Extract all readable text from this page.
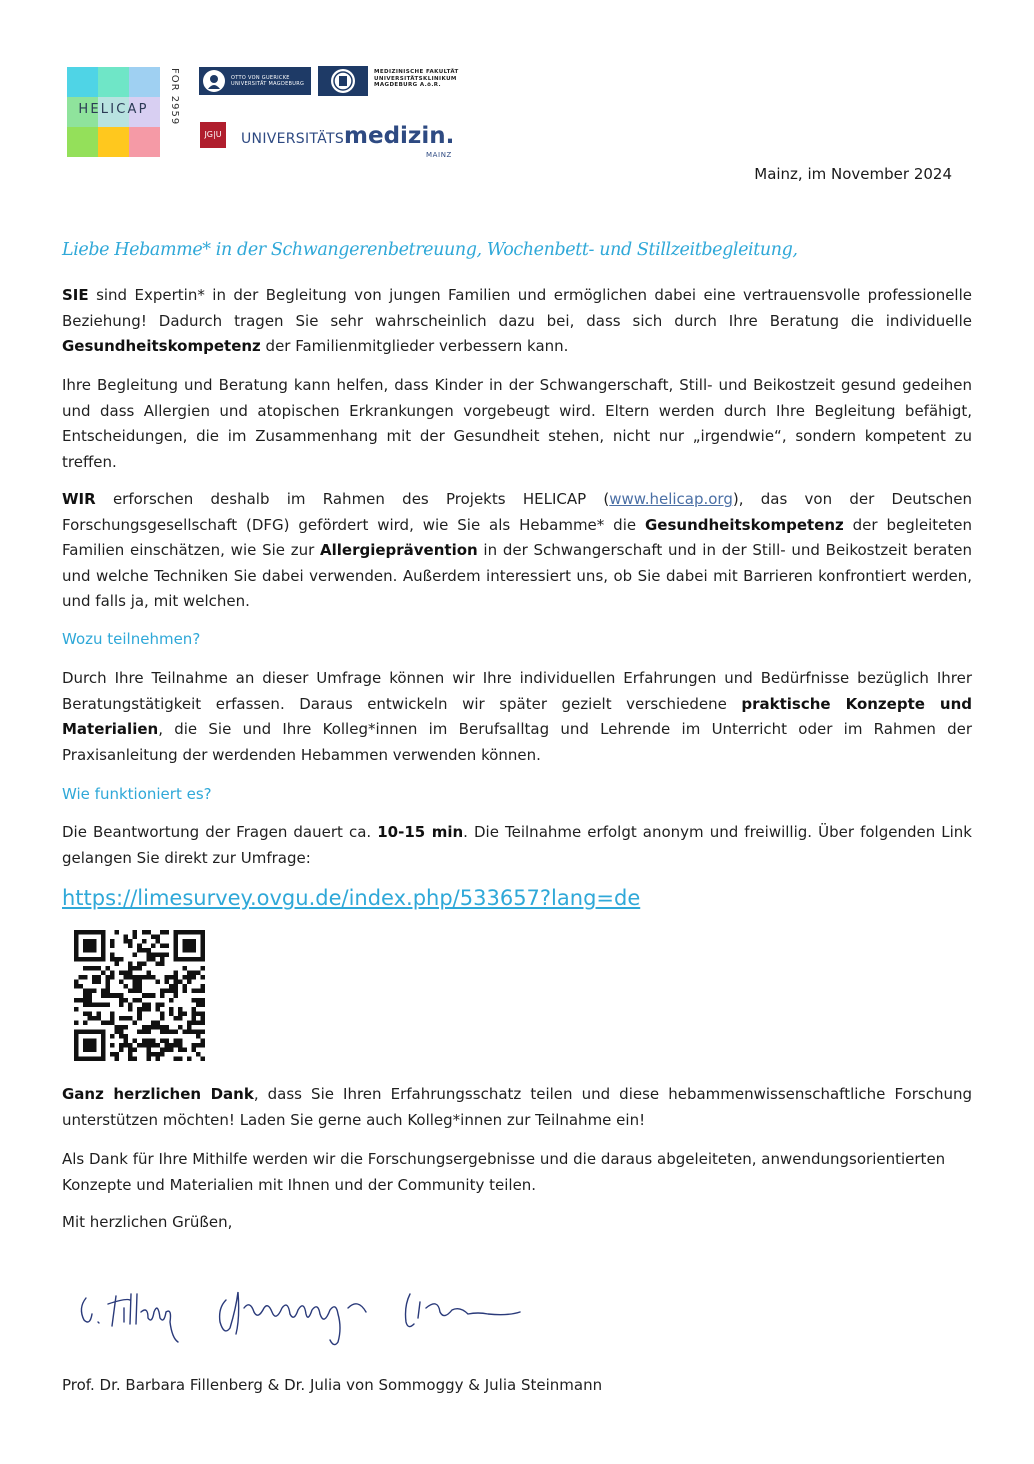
HELICAP	FOR 2959	OTTO VON GUERICKE UNIVERSITÄT MAGDEBURG
MEDIZINISCHE FAKULTÄT UNIVERSITÄTSKLINIKUM MAGDEBURG A.ö.R.
JG|U	UNIVERSITÄTSmedizin.
MAINZ
Mainz, im November 2024
Liebe Hebamme* in der Schwangerenbetreuung, Wochenbett- und Stillzeitbegleitung,
SIE sind Expertin* in der Begleitung von jungen Familien und ermöglichen dabei eine vertrauensvolle professionelle Beziehung! Dadurch tragen Sie sehr wahrscheinlich dazu bei, dass sich durch Ihre Beratung die individuelle Gesundheitskompetenz der Familienmitglieder verbessern kann.
Ihre Begleitung und Beratung kann helfen, dass Kinder in der Schwangerschaft, Still- und Beikostzeit gesund gedeihen und dass Allergien und atopischen Erkrankungen vorgebeugt wird. Eltern werden durch Ihre Begleitung befähigt, Entscheidungen, die im Zusammenhang mit der Gesundheit stehen, nicht nur „irgendwie“, sondern kompetent zu treffen.
WIR erforschen deshalb im Rahmen des Projekts HELICAP (www.helicap.org), das von der Deutschen Forschungsgesellschaft (DFG) gefördert wird, wie Sie als Hebamme* die Gesundheitskompetenz der begleiteten Familien einschätzen, wie Sie zur Allergieprävention in der Schwangerschaft und in der Still- und Beikostzeit beraten und welche Techniken Sie dabei verwenden. Außerdem interessiert uns, ob Sie dabei mit Barrieren konfrontiert werden, und falls ja, mit welchen.
Wozu teilnehmen?
Durch Ihre Teilnahme an dieser Umfrage können wir Ihre individuellen Erfahrungen und Bedürfnisse bezüglich Ihrer Beratungstätigkeit erfassen. Daraus entwickeln wir später gezielt verschiedene praktische Konzepte und Materialien, die Sie und Ihre Kolleg*innen im Berufsalltag und Lehrende im Unterricht oder im Rahmen der Praxisanleitung der werdenden Hebammen verwenden können.
Wie funktioniert es?
Die Beantwortung der Fragen dauert ca. 10-15 min. Die Teilnahme erfolgt anonym und freiwillig. Über folgenden Link gelangen Sie direkt zur Umfrage:
https://limesurvey.ovgu.de/index.php/533657?lang=de
Ganz herzlichen Dank, dass Sie Ihren Erfahrungsschatz teilen und diese hebammenwissenschaftliche Forschung unterstützen möchten! Laden Sie gerne auch Kolleg*innen zur Teilnahme ein!
Als Dank für Ihre Mithilfe werden wir die Forschungsergebnisse und die daraus abgeleiteten, anwendungsorientierten Konzepte und Materialien mit Ihnen und der Community teilen.
Mit herzlichen Grüßen,
Prof. Dr. Barbara Fillenberg & Dr. Julia von Sommoggy & Julia Steinmann
